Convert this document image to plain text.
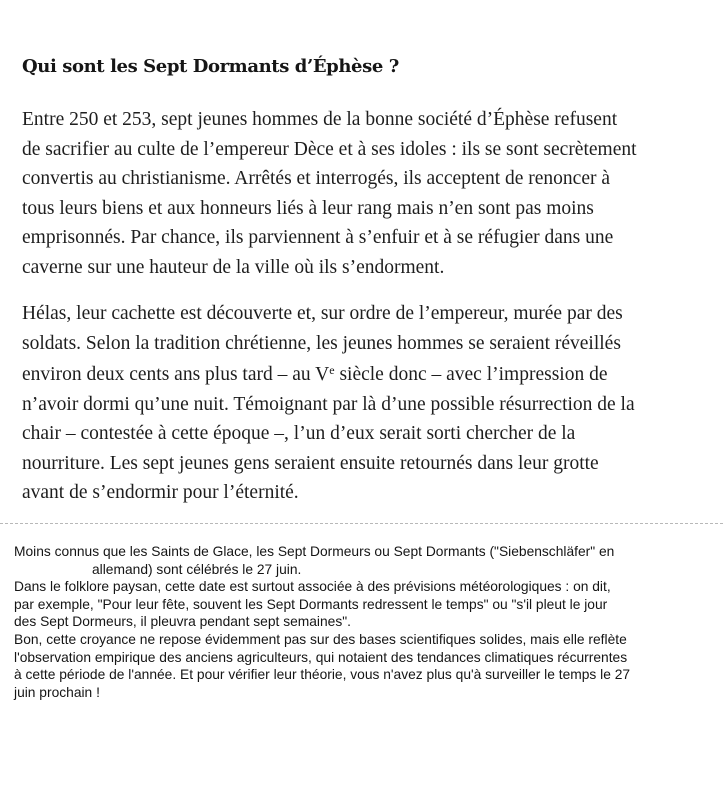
Qui sont les Sept Dormants d’Éphèse ?

Entre 250 et 253, sept jeunes hommes de la bonne société d’Éphèse refusent
de sacrifier au culte de l’empereur Dèce et à ses idoles : ils se sont secrètement
convertis au christianisme. Arrêtés et interrogés, ils acceptent de renoncer à
tous leurs biens et aux honneurs liés à leur rang mais n’en sont pas moins
emprisonnés. Par chance, ils parviennent à s’enfuir et à se réfugier dans une
caverne sur une hauteur de la ville où ils s’endorment.

Hélas, leur cachette est découverte et, sur ordre de l’empereur, murée par des
soldats. Selon la tradition chrétienne, les jeunes hommes se seraient réveillés
environ deux cents ans plus tard – au Ve siècle donc – avec l’impression de
n’avoir dormi qu’une nuit. Témoignant par là d’une possible résurrection de la
chair – contestée à cette époque –, l’un d’eux serait sorti chercher de la
nourriture. Les sept jeunes gens seraient ensuite retournés dans leur grotte
avant de s’endormir pour l’éternité.

Moins connus que les Saints de Glace, les Sept Dormeurs ou Sept Dormants ("Siebenschläfer" en
allemand) sont célébrés le 27 juin.
Dans le folklore paysan, cette date est surtout associée à des prévisions météorologiques : on dit,
par exemple, "Pour leur fête, souvent les Sept Dormants redressent le temps" ou "s'il pleut le jour
des Sept Dormeurs, il pleuvra pendant sept semaines".
Bon, cette croyance ne repose évidemment pas sur des bases scientifiques solides, mais elle reflète
l'observation empirique des anciens agriculteurs, qui notaient des tendances climatiques récurrentes
à cette période de l'année. Et pour vérifier leur théorie, vous n'avez plus qu'à surveiller le temps le 27
juin prochain !
